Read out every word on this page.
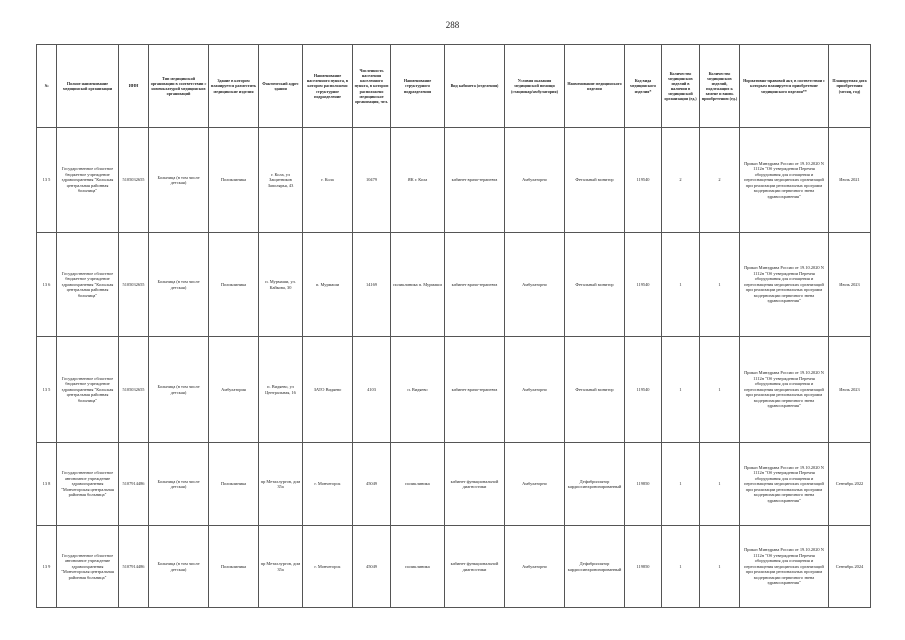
288
№	Полное наименование медицинской организации	ИНН	Тип медицинской организации в соответствии с номенклатурой медицинских организаций	Здание в котором планируется разместить медицинские изделия	Фактический адрес здания	Наименование населенного пункта, в котором расположено структурное подразделение	Численность населения населенного пункта, в котором расположено медицинское организация, чел.	Наименование структурного подразделения	Вид кабинета (отделения)	Условия оказания медицинской помощи (стационар/амбулатория)	Наименование медицинского изделия	Код вида медицинского изделия*	Количество медицинских изделий в наличии в медицинской организации (ед.)	Количество медицинских изделий, подлежащих к замене и вновь приобретению (ед.)	Нормативно-правовой акт, в соответствии с которым планируется приобретение медицинского изделия**	Планируемая дата приобретения (месяц, год)
13 5	Государственное областное бюджетное учреждение здравоохранения "Кольская центральная районная больница"	5105032655	Больница (в том числе детская)	Поликлиника	г. Кола, ул Защитников Заполярья, 43	г. Кола	10479	ЯК г. Кола	кабинет врача-терапевта	Амбулаторно	Фетальный монитор	119540	2	2	Приказ Минздрава России от 19.10.2020 N 1112н "Об утверждении Перечня оборудования для оснащения и переоснащения медицинских организаций при реализации региональных программ модернизации первичного звена здравоохранения"	Июль 2021
13 6	Государственное областное бюджетное учреждение здравоохранения "Кольская центральная районная больница"	5105032655	Больница (в том числе детская)	Поликлиника	п. Мурмаши, ул. Кайкова, 30	п. Мурмаши	14169	поликлиника п. Мурмаши	кабинет врача-терапевта	Амбулаторно	Фетальный монитор	119540	1	1	Приказ Минздрава России от 19.10.2020 N 1112н "Об утверждении Перечня оборудования для оснащения и переоснащения медицинских организаций при реализации региональных программ модернизации первичного звена здравоохранения"	Июль 2023
13 5	Государственное областное бюджетное учреждение здравоохранения "Кольская центральная районная больница"	5105032655	Больница (в том числе детская)	Амбулатория	п. Видяево, ул Центральная, 16	ЗАТО Видяево	4103	п. Видяево	кабинет врача-терапевта	Амбулаторно	Фетальный монитор	119540	1	1	Приказ Минздрава России от 19.10.2020 N 1112н "Об утверждении Перечня оборудования для оснащения и переоснащения медицинских организаций при реализации региональных программ модернизации первичного звена здравоохранения"	Июль 2023
13 8	Государственное областное автономное учреждение здравоохранения "Мончегорская центральная районная больница"	5107914486	Больница (в том числе детская)	Поликлиника	пр Металлургов, дом 35а	г. Мончегорск	45049	поликлиника	кабинет функциональной диагностики	Амбулаторно	Дефибриллятор кардиосинхронизированный	119850	1	1	Приказ Минздрава России от 19.10.2020 N 1112н "Об утверждении Перечня оборудования для оснащения и переоснащения медицинских организаций при реализации региональных программ модернизации первичного звена здравоохранения"	Сентябрь 2022
13 9	Государственное областное автономное учреждение здравоохранения "Мончегорская центральная районная больница"	5107914486	Больница (в том числе детская)	Поликлиника	пр Металлургов, дом 35а	г. Мончегорск	45049	поликлиника	кабинет функциональной диагностики	Амбулаторно	Дефибриллятор кардиосинхронизированный	119850	1	1	Приказ Минздрава России от 19.10.2020 N 1112н "Об утверждении Перечня оборудования для оснащения и переоснащения медицинских организаций при реализации региональных программ модернизации первичного звена здравоохранения"	Сентябрь 2024
